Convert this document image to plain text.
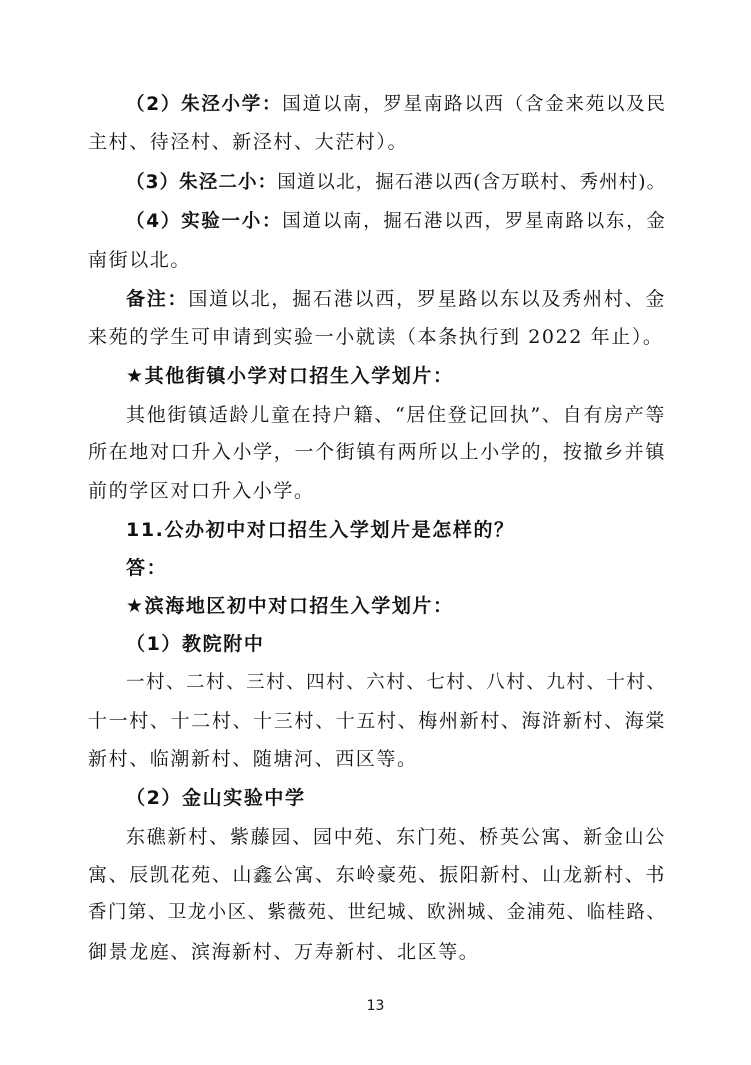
（2）朱泾小学：国道以南，罗星南路以西（含金来苑以及民
主村、待泾村、新泾村、大茫村）。
（3）朱泾二小：国道以北，掘石港以西(含万联村、秀州村)。
（4）实验一小：国道以南，掘石港以西，罗星南路以东，金
南街以北。
备注：国道以北，掘石港以西，罗星路以东以及秀州村、金
来苑的学生可申请到实验一小就读（本条执行到 2022 年止）。
★其他街镇小学对口招生入学划片：
其他街镇适龄儿童在持户籍、“居住登记回执”、自有房产等
所在地对口升入小学，一个街镇有两所以上小学的，按撤乡并镇
前的学区对口升入小学。
11.公办初中对口招生入学划片是怎样的？
答：
★滨海地区初中对口招生入学划片：
（1）教院附中
一村、二村、三村、四村、六村、七村、八村、九村、十村、
十一村、十二村、十三村、十五村、梅州新村、海浒新村、海棠
新村、临潮新村、随塘河、西区等。
（2）金山实验中学
东礁新村、紫藤园、园中苑、东门苑、桥英公寓、新金山公
寓、辰凯花苑、山鑫公寓、东岭豪苑、振阳新村、山龙新村、书
香门第、卫龙小区、紫薇苑、世纪城、欧洲城、金浦苑、临桂路、
御景龙庭、滨海新村、万寿新村、北区等。
13
